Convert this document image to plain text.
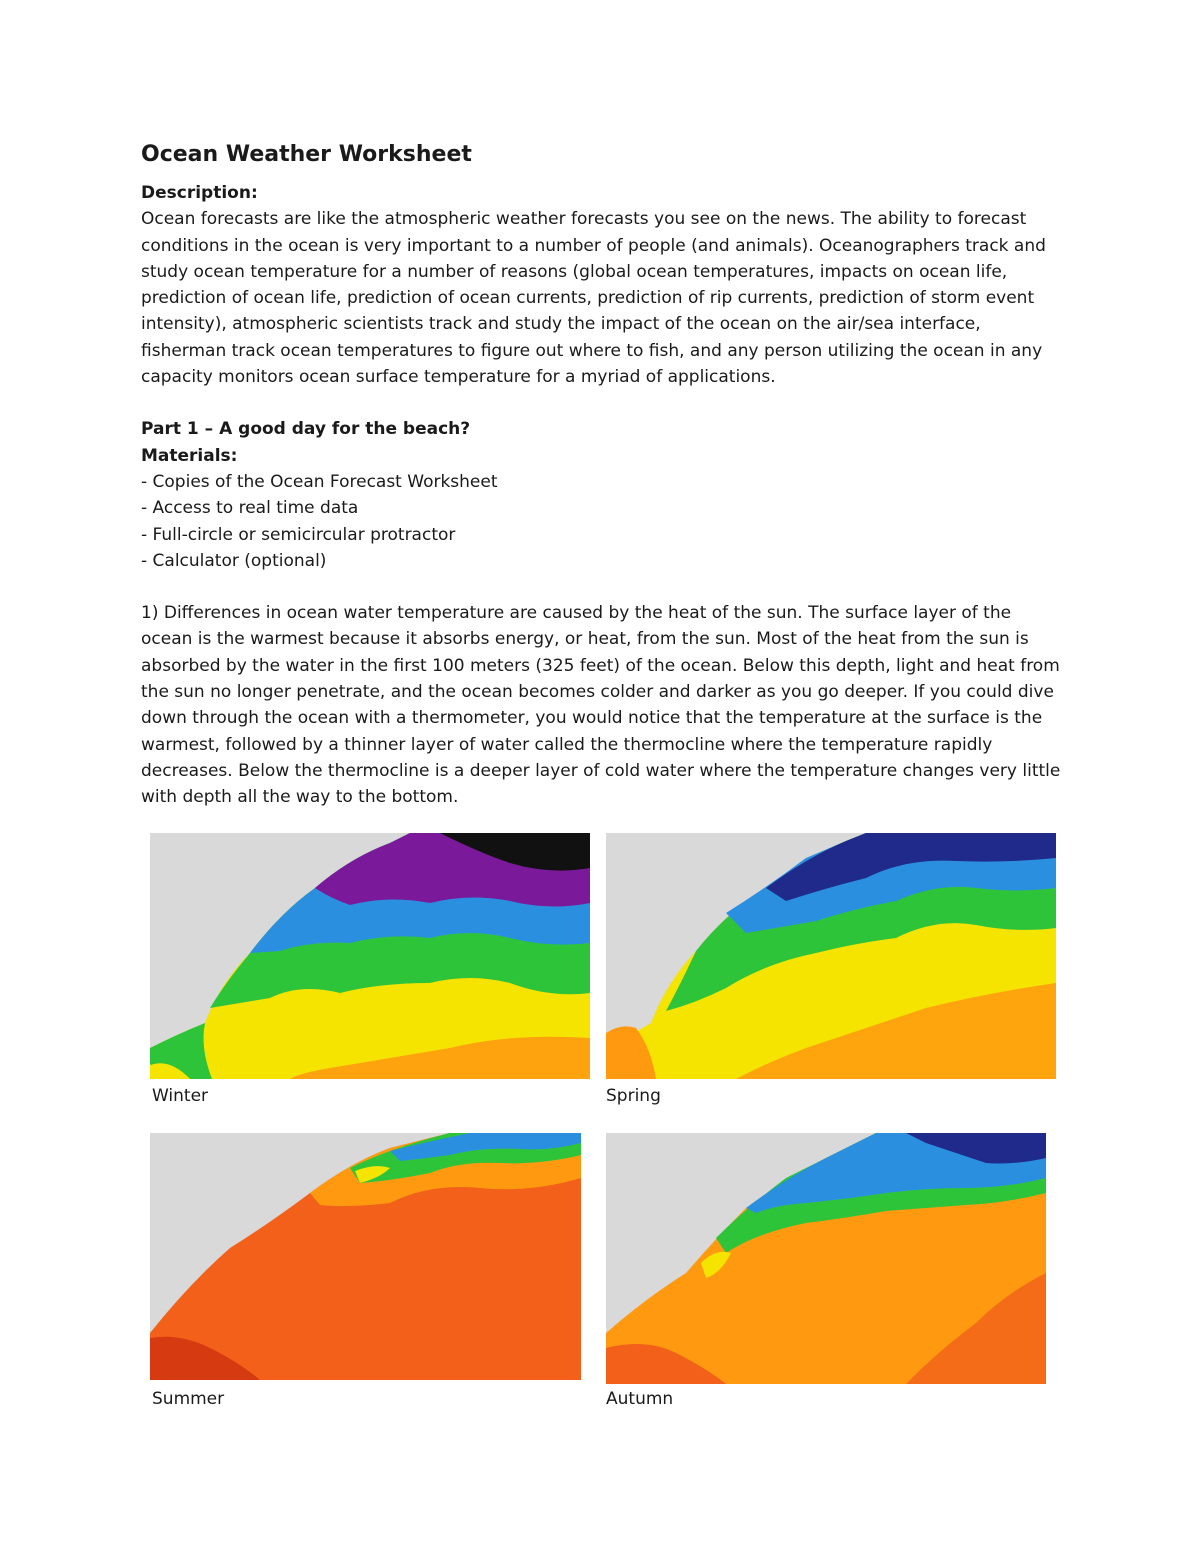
Ocean Weather Worksheet

Description:

Ocean forecasts are like the atmospheric weather forecasts you see on the news. The ability to forecast conditions in the ocean is very important to a number of people (and animals). Oceanographers track and study ocean temperature for a number of reasons (global ocean temperatures, impacts on ocean life, prediction of ocean life, prediction of ocean currents, prediction of rip currents, prediction of storm event intensity), atmospheric scientists track and study the impact of the ocean on the air/sea interface, fisherman track ocean temperatures to figure out where to fish, and any person utilizing the ocean in any capacity monitors ocean surface temperature for a myriad of applications.

Part 1 – A good day for the beach?

Materials:

- Copies of the Ocean Forecast Worksheet
- Access to real time data
- Full-circle or semicircular protractor
- Calculator (optional)

1) Differences in ocean water temperature are caused by the heat of the sun. The surface layer of the ocean is the warmest because it absorbs energy, or heat, from the sun. Most of the heat from the sun is absorbed by the water in the first 100 meters (325 feet) of the ocean. Below this depth, light and heat from the sun no longer penetrate, and the ocean becomes colder and darker as you go deeper. If you could dive down through the ocean with a thermometer, you would notice that the temperature at the surface is the warmest, followed by a thinner layer of water called the thermocline where the temperature rapidly decreases. Below the thermocline is a deeper layer of cold water where the temperature changes very little with depth all the way to the bottom.

Winter	Spring
Summer	Autumn
